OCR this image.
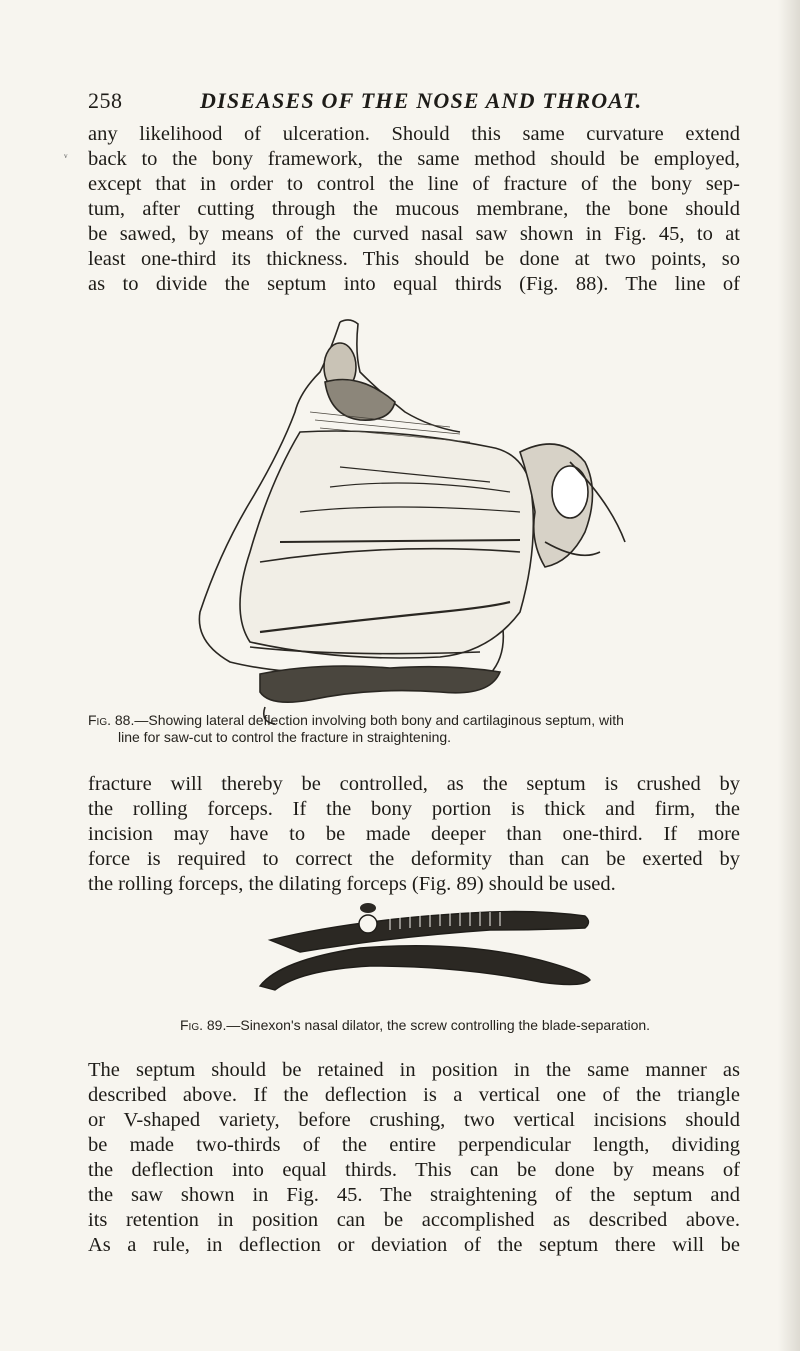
258	DISEASES OF THE NOSE AND THROAT.
ᵥ
any likelihood of ulceration. Should this same curvature extend
back to the bony framework, the same method should be employed,
except that in order to control the line of fracture of the bony sep-
tum, after cutting through the mucous membrane, the bone should
be sawed, by means of the curved nasal saw shown in Fig. 45, to at
least one-third its thickness. This should be done at two points, so
as to divide the septum into equal thirds (Fig. 88). The line of
Fig. 88.—Showing lateral deflection involving both bony and cartilaginous septum, with
line for saw-cut to control the fracture in straightening.
fracture will thereby be controlled, as the septum is crushed by
the rolling forceps. If the bony portion is thick and firm, the
incision may have to be made deeper than one-third. If more
force is required to correct the deformity than can be exerted by
the rolling forceps, the dilating forceps (Fig. 89) should be used.
Fig. 89.—Sinexon's nasal dilator, the screw controlling the blade-separation.
The septum should be retained in position in the same manner as
described above. If the deflection is a vertical one of the triangle
or V-shaped variety, before crushing, two vertical incisions should
be made two-thirds of the entire perpendicular length, dividing
the deflection into equal thirds. This can be done by means of
the saw shown in Fig. 45. The straightening of the septum and
its retention in position can be accomplished as described above.
As a rule, in deflection or deviation of the septum there will be
